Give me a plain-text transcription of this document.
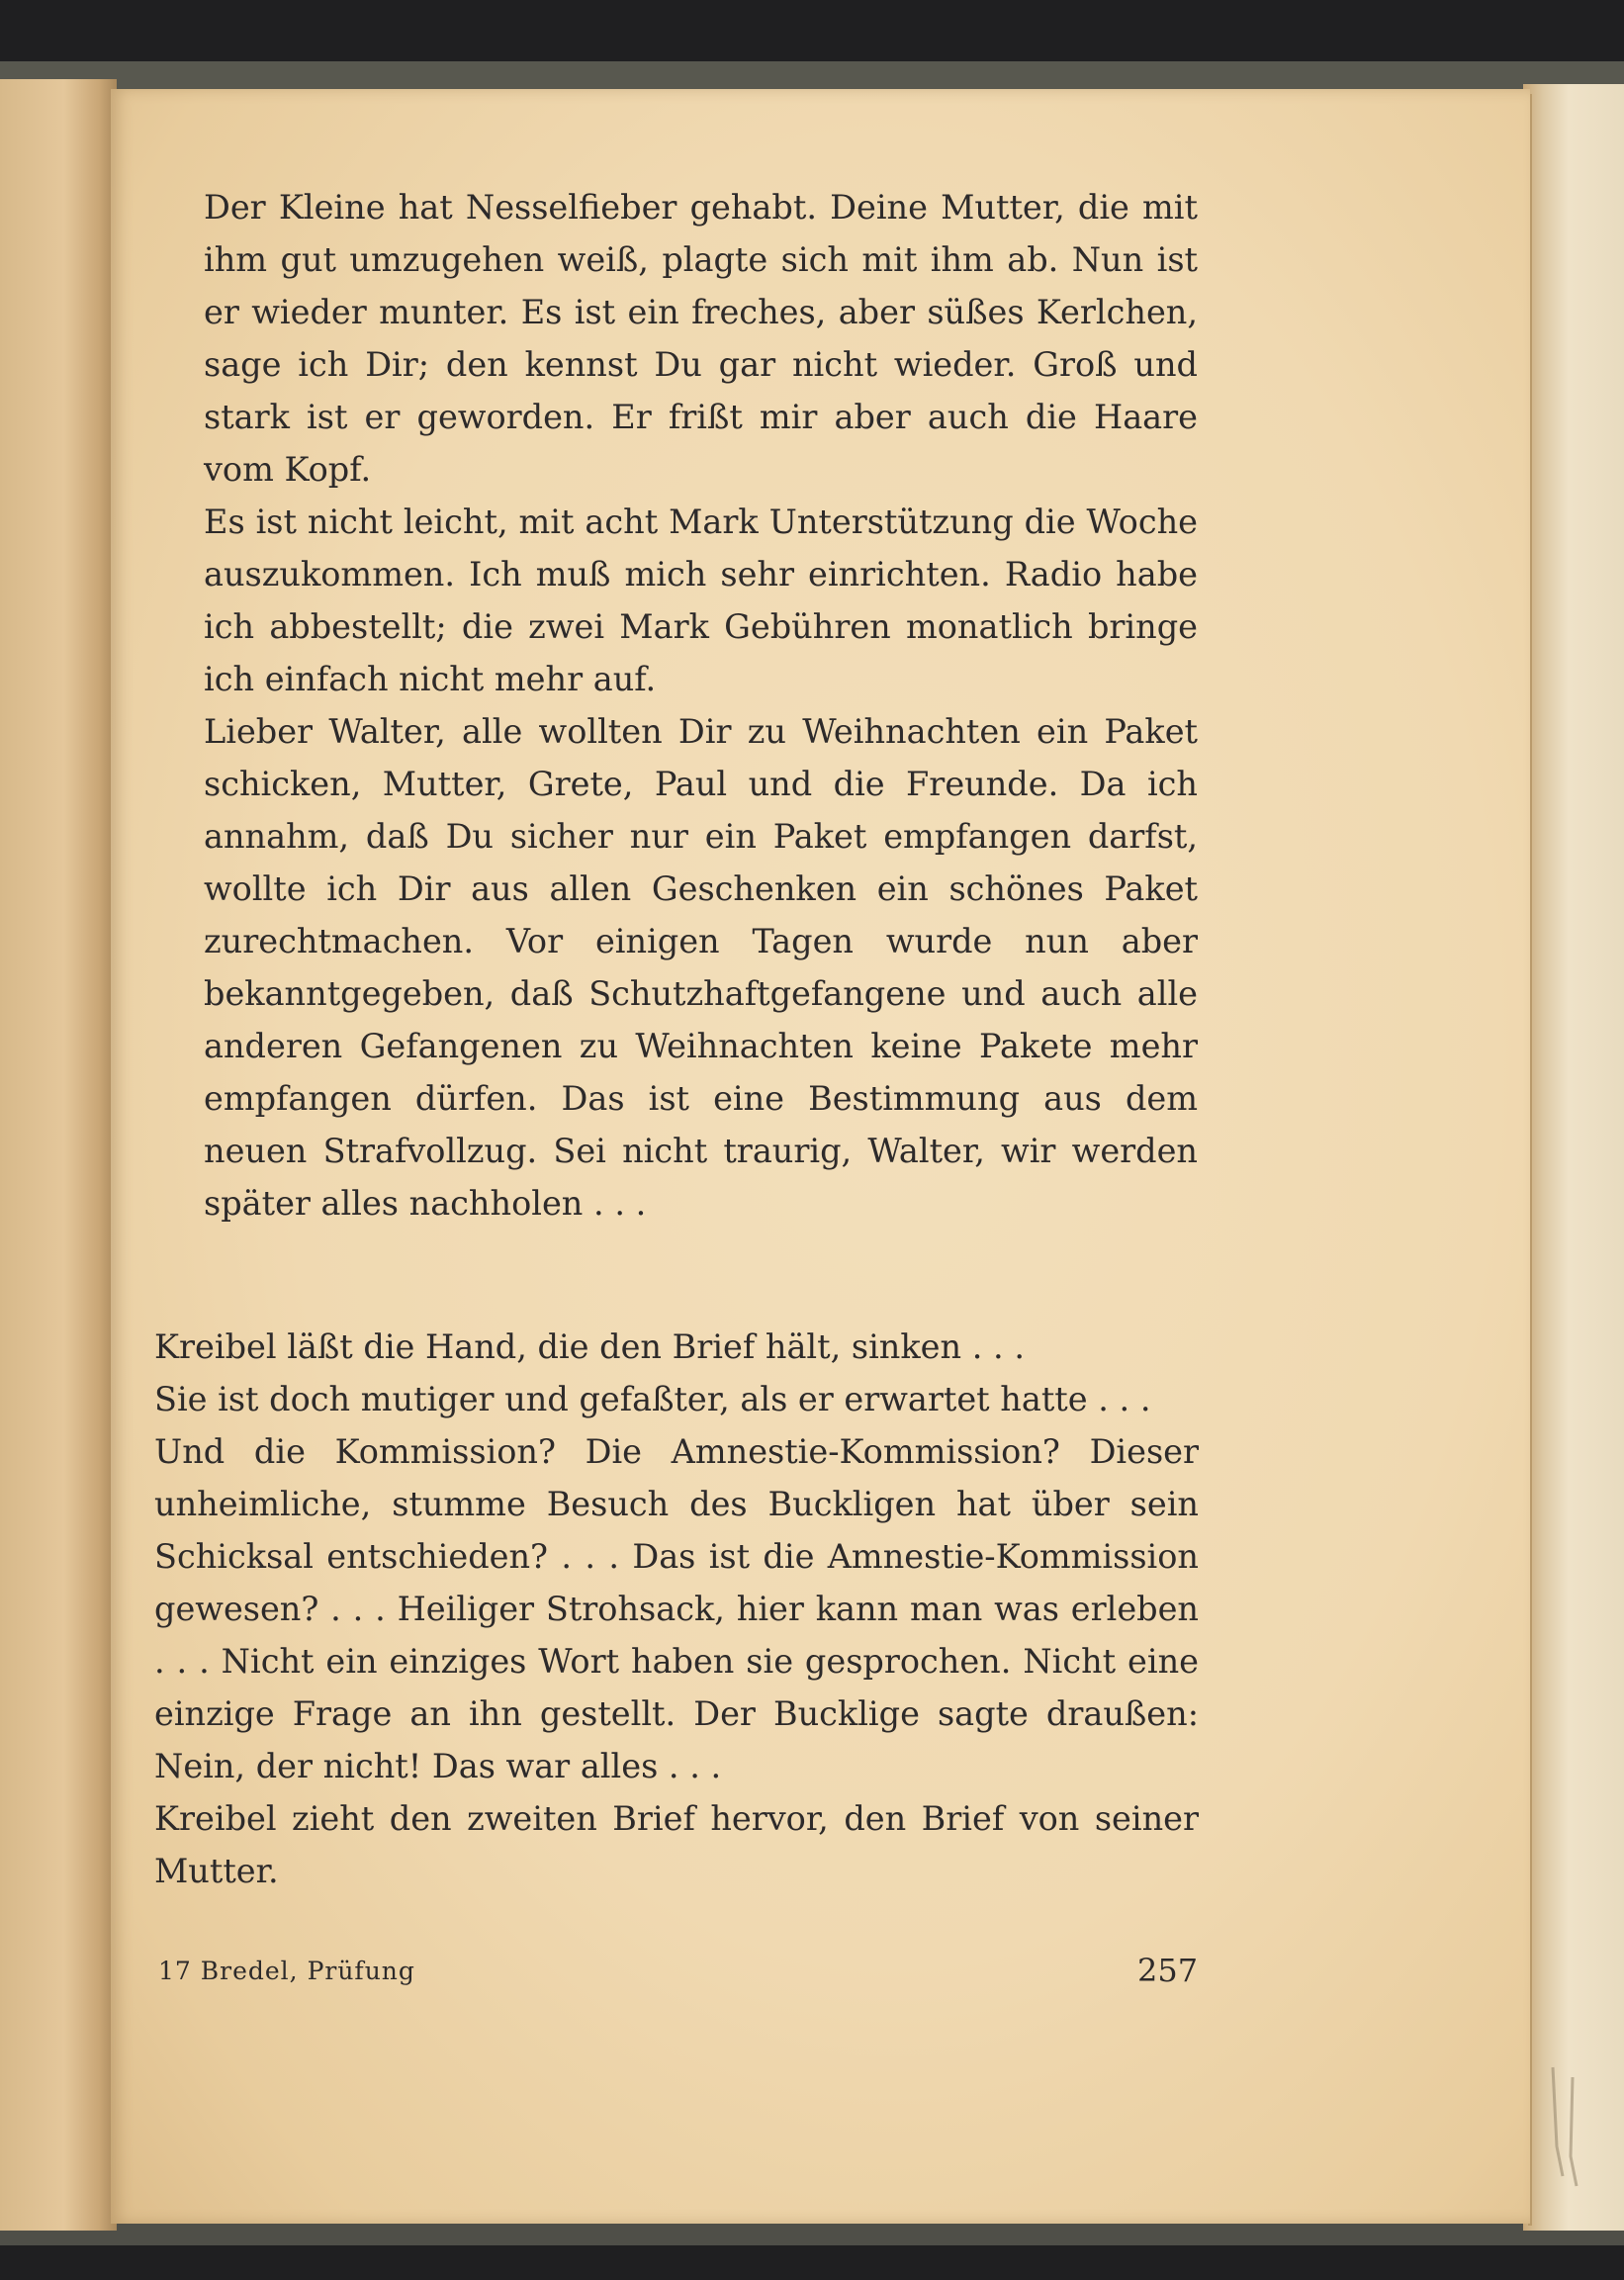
Der Kleine hat Nesselfieber gehabt. Deine Mutter, die mit ihm gut umzugehen weiß, plagte sich mit ihm ab. Nun ist er wieder munter. Es ist ein freches, aber süßes Kerlchen, sage ich Dir; den kennst Du gar nicht wieder. Groß und stark ist er geworden. Er frißt mir aber auch die Haare vom Kopf.

Es ist nicht leicht, mit acht Mark Unterstützung die Woche auszukommen. Ich muß mich sehr einrichten. Radio habe ich abbestellt; die zwei Mark Gebühren monatlich bringe ich einfach nicht mehr auf.

Lieber Walter, alle wollten Dir zu Weihnachten ein Paket schicken, Mutter, Grete, Paul und die Freunde. Da ich annahm, daß Du sicher nur ein Paket empfangen darfst, wollte ich Dir aus allen Geschenken ein schönes Paket zurechtmachen. Vor einigen Tagen wurde nun aber bekanntgegeben, daß Schutzhaftgefangene und auch alle anderen Gefangenen zu Weihnachten keine Pakete mehr empfangen dürfen. Das ist eine Bestimmung aus dem neuen Strafvollzug. Sei nicht traurig, Walter, wir werden später alles nachholen . . .

Kreibel läßt die Hand, die den Brief hält, sinken . . .

Sie ist doch mutiger und gefaßter, als er erwartet hatte . . .

Und die Kommission? Die Amnestie-Kommission? Dieser unheimliche, stumme Besuch des Buckligen hat über sein Schicksal entschieden? . . . Das ist die Amnestie-Kommission gewesen? . . . Heiliger Strohsack, hier kann man was erleben . . . Nicht ein einziges Wort haben sie gesprochen. Nicht eine einzige Frage an ihn gestellt. Der Bucklige sagte draußen: Nein, der nicht! Das war alles . . .

Kreibel zieht den zweiten Brief hervor, den Brief von seiner Mutter.

17 Bredel, Prüfung	257
